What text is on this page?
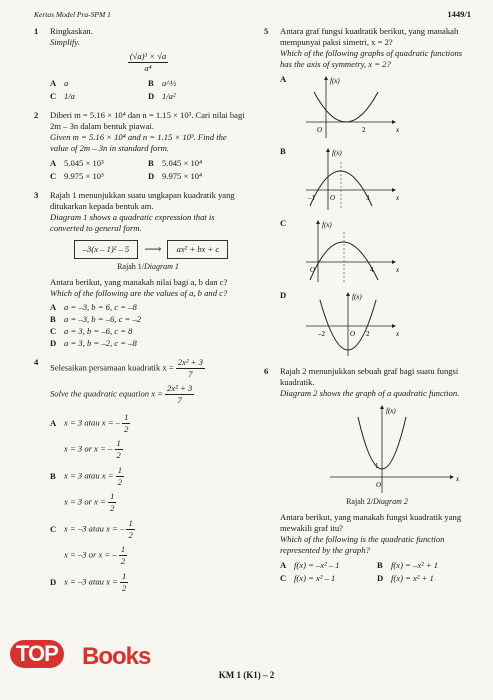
Kertas Model Pra-SPM 1	1449/1
1 Ringkaskan.
Simplify.
$\frac{\text{(√a)³ × √a}}{\text{a⁴}}$
A a	B a^½
C 1/a	D 1/a²
2 Diberi m = 5.16 × 10⁴ dan n = 1.15 × 10³. Cari nilai bagi 2m – 3n dalam bentuk piawai.
Given m = 5.16 × 10⁴ and n = 1.15 × 10³. Find the value of 2m – 3n in standard form.
A 5.045 × 10³	B 5.045 × 10⁴
C 9.975 × 10³	D 9.975 × 10⁴
3 Rajah 1 menunjukkan suatu ungkapan kuadratik yang ditukarkan kepada bentuk am.
Diagram 1 shows a quadratic expression that is converted to general form.
–3(x – 1)² – 5	⟶	ax² + bx + c
Rajah 1/Diagram 1
Antara berikut, yang manakah nilai bagi a, b dan c?
Which of the following are the values of a, b and c?
A a = –3, b = 6, c = –8
B a = –3, b = –6, c = –2
C a = 3, b = –6, c = 8
D a = 3, b = –2, c = –8
4
Selesaikan persamaan kuadratik $x = \frac{\text{2x² + 3}}{7}$
Solve the quadratic equation $x = \frac{\text{2x² + 3}}{7}$
A x = 3 atau x = – $\frac{1}{2}$
x = 3 or x = – $\frac{1}{2}$
B x = 3 atau $x = \frac{1}{2}$
x = 3 or $x = \frac{1}{2}$
C x = –3 atau x = – $\frac{1}{2}$
x = –3 or x = – $\frac{1}{2}$
D x = –3 atau $x = \frac{1}{2}$
5 Antara graf fungsi kuadratik berikut, yang manakah mempunyai paksi simetri, x = 2?
Which of the following graphs of quadratic functions has the axis of symmetry, x = 2?
A	f(x)
x
O	2
B	f(x)
x
O
–1	3
C	f(x)
x
O	4
D	f(x)
x
O
–2	2
6 Rajah 2 menunjukkan sebuah graf bagi suatu fungsi kuadratik.
Diagram 2 shows the graph of a quadratic function.
f(x)
x
O
1
Rajah 2/Diagram 2
Antara berikut, yang manakah fungsi kuadratik yang mewakili graf itu?
Which of the following is the quadratic function represented by the graph?
A f(x) = –x² – 1	B f(x) = –x² + 1
C f(x) = x² – 1	D f(x) = x² + 1
KM 1 (K1) – 2
TOP Books
